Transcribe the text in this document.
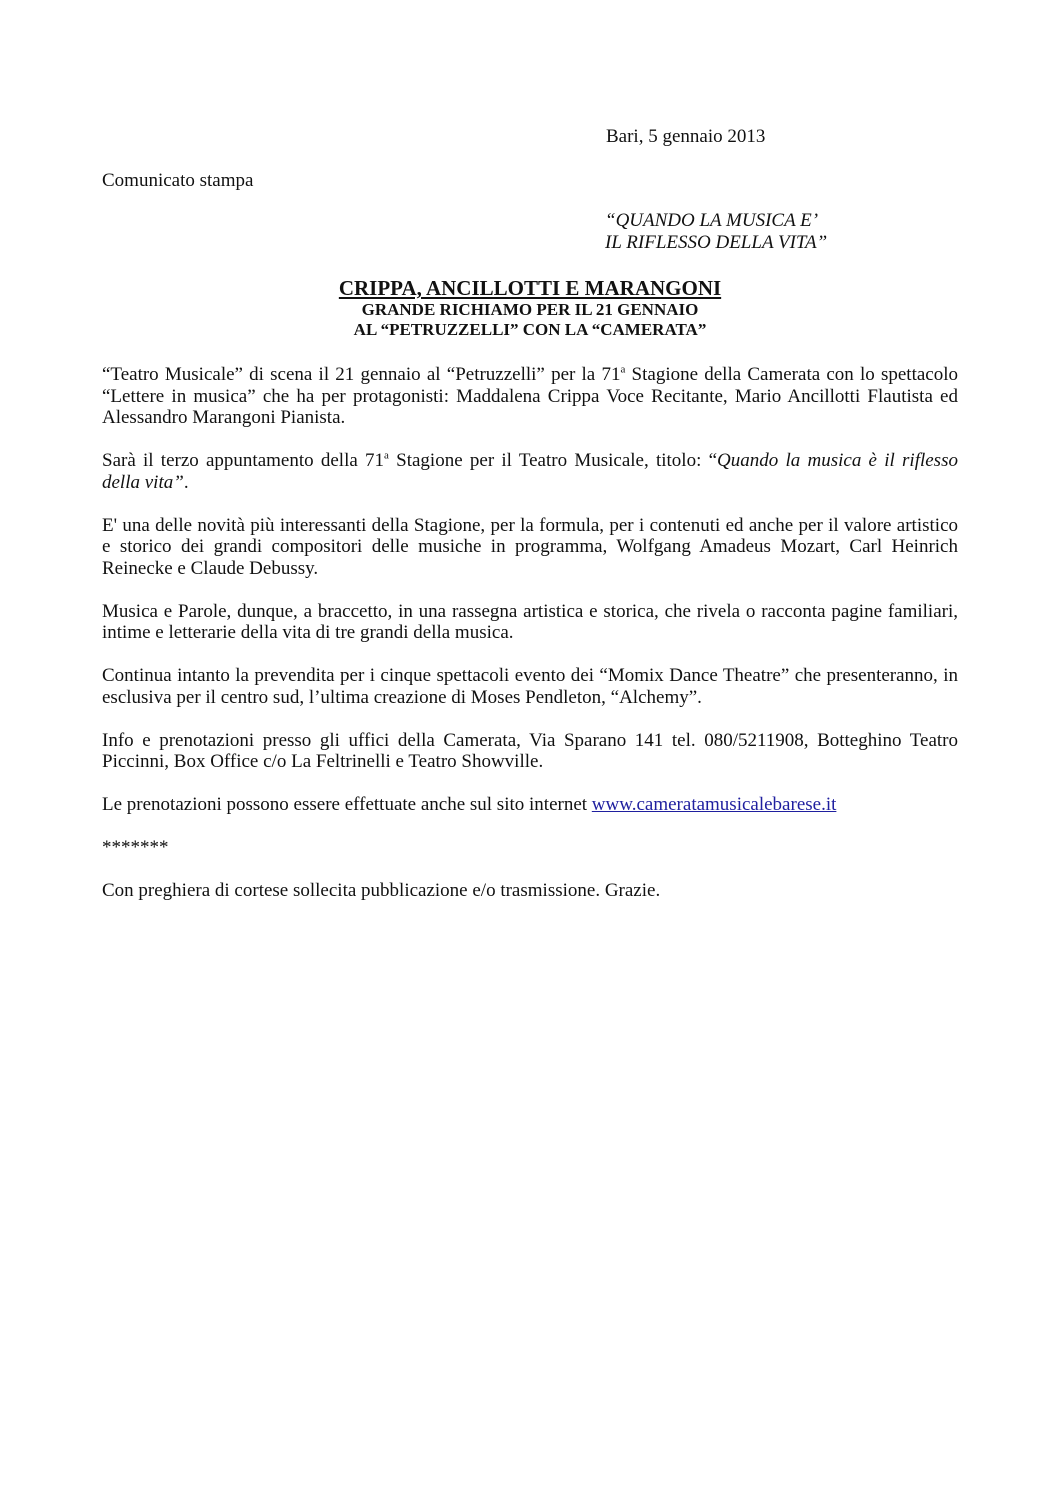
Bari, 5 gennaio 2013
Comunicato stampa
“QUANDO LA MUSICA E’
IL RIFLESSO DELLA VITA”
CRIPPA, ANCILLOTTI E MARANGONI
GRANDE RICHIAMO PER IL 21 GENNAIO
AL “PETRUZZELLI” CON LA “CAMERATA”

“Teatro Musicale” di scena il 21 gennaio al “Petruzzelli” per la 71$^a$ Stagione della Camerata con lo spettacolo “Lettere in musica” che ha per protagonisti: Maddalena Crippa Voce Recitante, Mario Ancillotti Flautista ed Alessandro Marangoni Pianista.

Sarà il terzo appuntamento della 71$^a$ Stagione per il Teatro Musicale, titolo: “Quando la musica è il riflesso della vita”.

E' una delle novità più interessanti della Stagione, per la formula, per i contenuti ed anche per il valore artistico e storico dei grandi compositori delle musiche in programma, Wolfgang Amadeus Mozart, Carl Heinrich Reinecke e Claude Debussy.

Musica e Parole, dunque, a braccetto, in una rassegna artistica e storica, che rivela o racconta pagine familiari, intime e letterarie della vita di tre grandi della musica.

Continua intanto la prevendita per i cinque spettacoli evento dei “Momix Dance Theatre” che presenteranno, in esclusiva per il centro sud, l’ultima creazione di Moses Pendleton, “Alchemy”.

Info e prenotazioni presso gli uffici della Camerata, Via Sparano 141 tel. 080/5211908, Botteghino Teatro Piccinni, Box Office c/o La Feltrinelli e Teatro Showville.

Le prenotazioni possono essere effettuate anche sul sito internet www.cameratamusicalebarese.it

*******

Con preghiera di cortese sollecita pubblicazione e/o trasmissione. Grazie.
